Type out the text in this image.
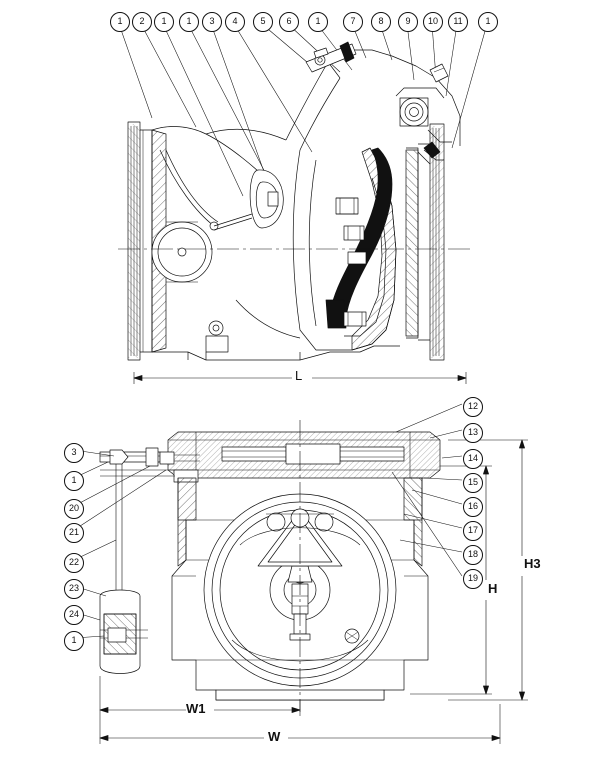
1	2	1	1	3	4	5	6	1	7	8	9	10	11	1
12
13
14
15
16
17
18
19
3
1
20
21
22
23
24
1
L
H3
H
W1
W
